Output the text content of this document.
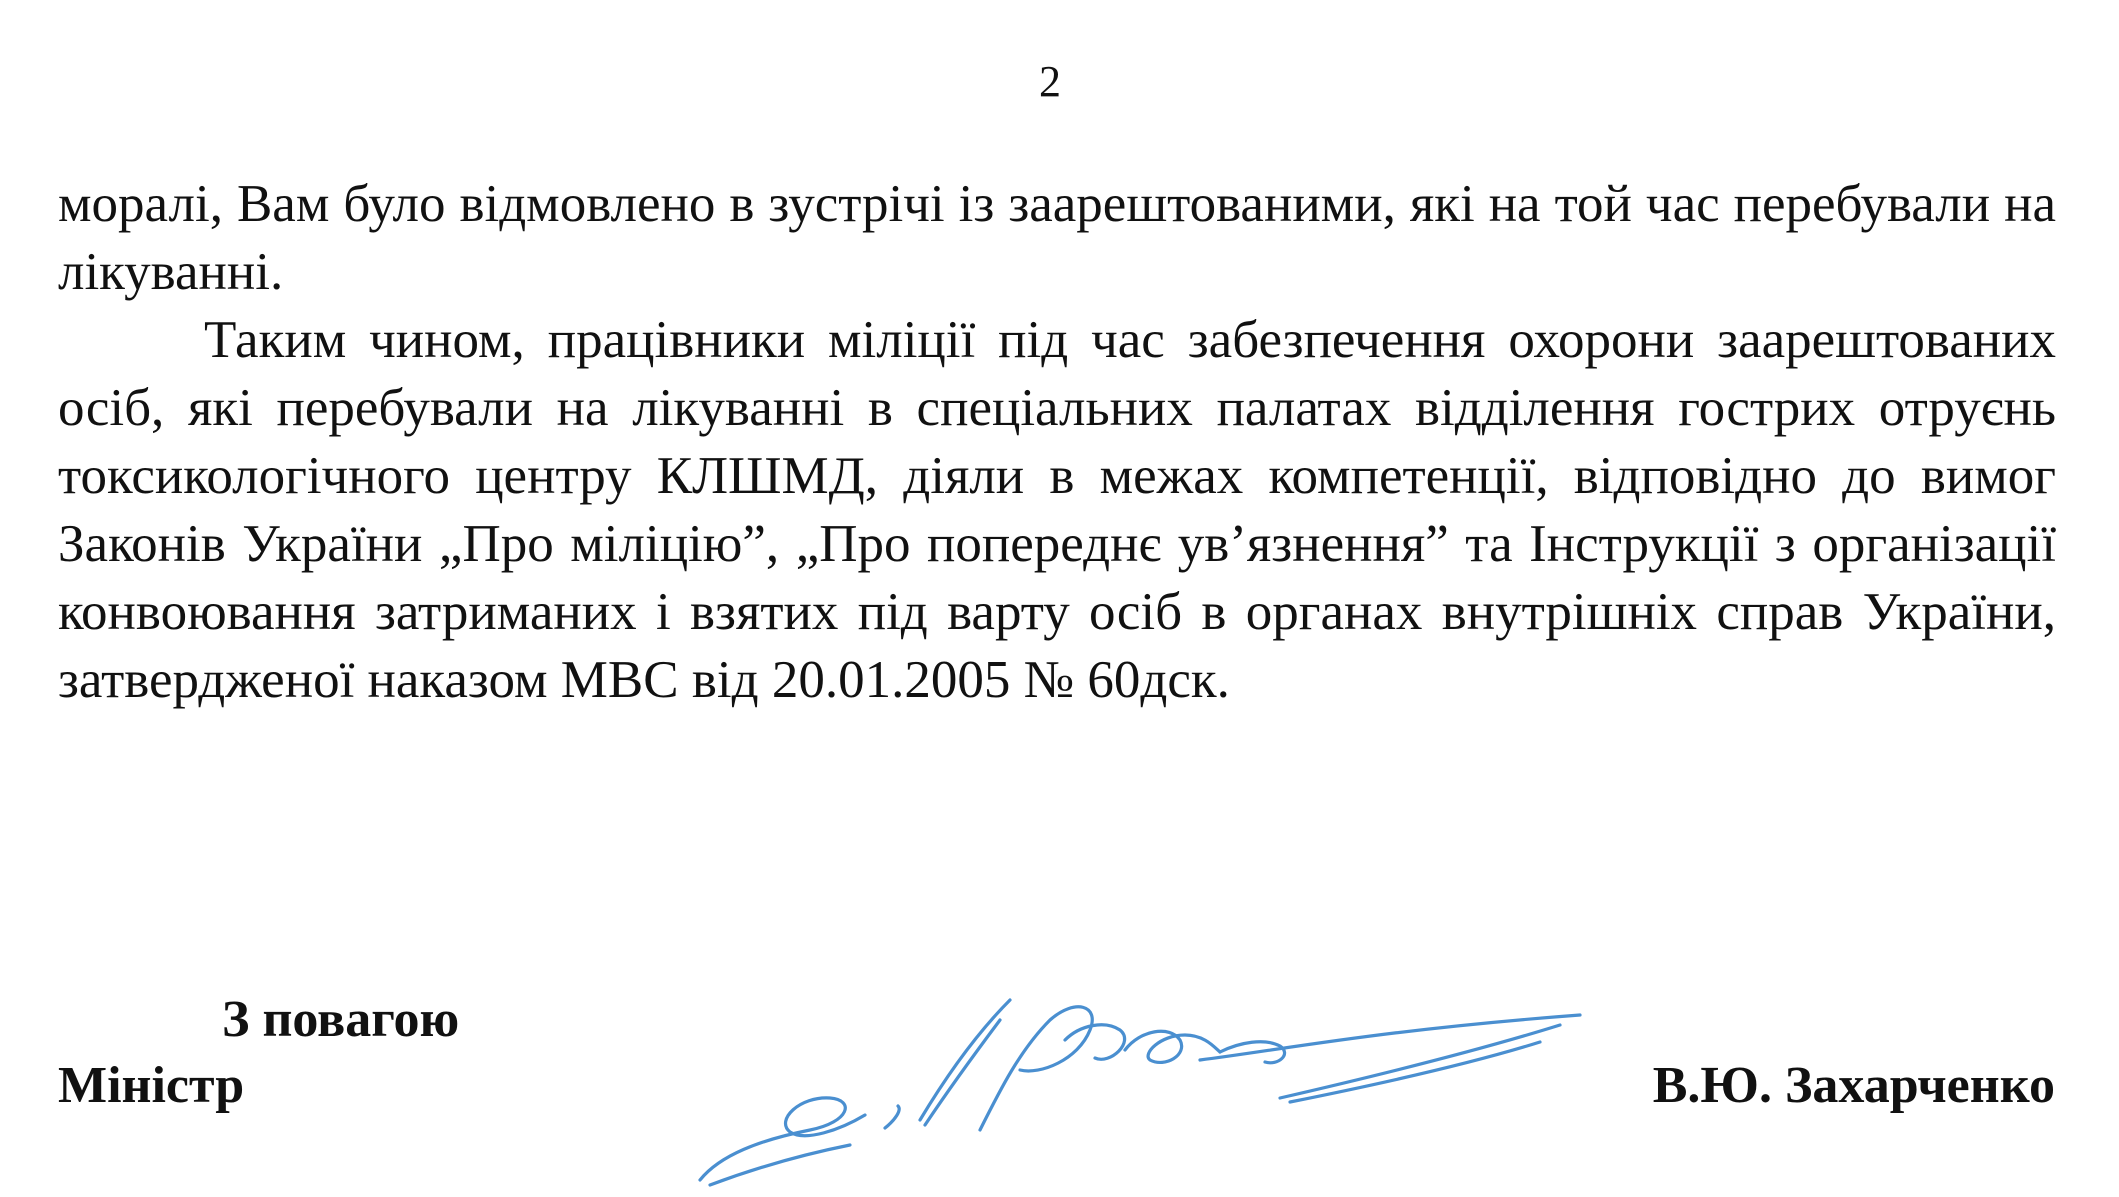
2

моралі, Вам було відмовлено в зустрічі із заарештованими, які на той час перебували на лікуванні.

Таким чином, працівники міліції під час забезпечення охорони заарештованих осіб, які перебували на лікуванні в спеціальних палатах відділення гострих отруєнь токсикологічного центру КЛШМД, діяли в межах компетенції, відповідно до вимог Законів України „Про міліцію”, „Про попереднє ув’язнення” та Інструкції з організації конвоювання затриманих і взятих під варту осіб в органах внутрішніх справ України, затвердженої наказом МВС від 20.01.2005 № 60дск.

З повагою
Міністр	В.Ю. Захарченко
